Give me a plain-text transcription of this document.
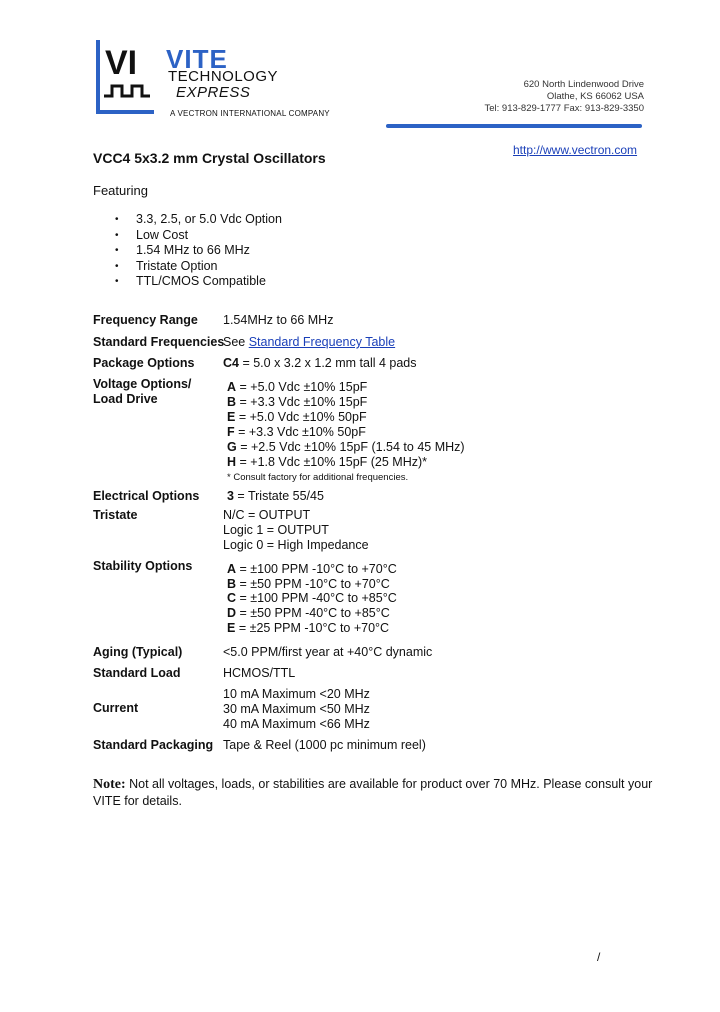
VI VITE
TECHNOLOGY
EXPRESS
A VECTRON INTERNATIONAL COMPANY
620 North Lindenwood Drive
Olathe, KS 66062 USA
Tel: 913-829-1777 Fax: 913-829-3350
http://www.vectron.com
VCC4 5x3.2 mm Crystal Oscillators
Featuring
• 3.3, 2.5, or 5.0 Vdc Option
• Low Cost
• 1.54 MHz to 66 MHz
• Tristate Option
• TTL/CMOS Compatible
Frequency Range 1.54MHz to 66 MHz
Standard Frequencies
See Standard Frequency Table
Package Options C4 = 5.0 x 3.2 x 1.2 mm tall 4 pads
Voltage Options/
Load Drive
A = +5.0 Vdc ±10% 15pF
B = +3.3 Vdc ±10% 15pF
E = +5.0 Vdc ±10% 50pF
F = +3.3 Vdc ±10% 50pF
G = +2.5 Vdc ±10% 15pF (1.54 to 45 MHz)
H = +1.8 Vdc ±10% 15pF (25 MHz)*
* Consult factory for additional frequencies.
Electrical Options 3 = Tristate 55/45
Tristate	N/C = OUTPUT
Logic 1 = OUTPUT
Logic 0 = High Impedance
Stability Options	A = ±100 PPM -10°C to +70°C
B = ±50 PPM -10°C to +70°C
C = ±100 PPM -40°C to +85°C
D = ±50 PPM -40°C to +85°C
E = ±25 PPM -10°C to +70°C
Aging (Typical)	<5.0 PPM/first year at +40°C dynamic
Standard Load	HCMOS/TTL
Current
10 mA Maximum <20 MHz
30 mA Maximum <50 MHz
40 mA Maximum <66 MHz
Standard Packaging Tape & Reel (1000 pc minimum reel)
Note: Not all voltages, loads, or stabilities are available for product over 70 MHz. Please consult your VITE for details.
/
